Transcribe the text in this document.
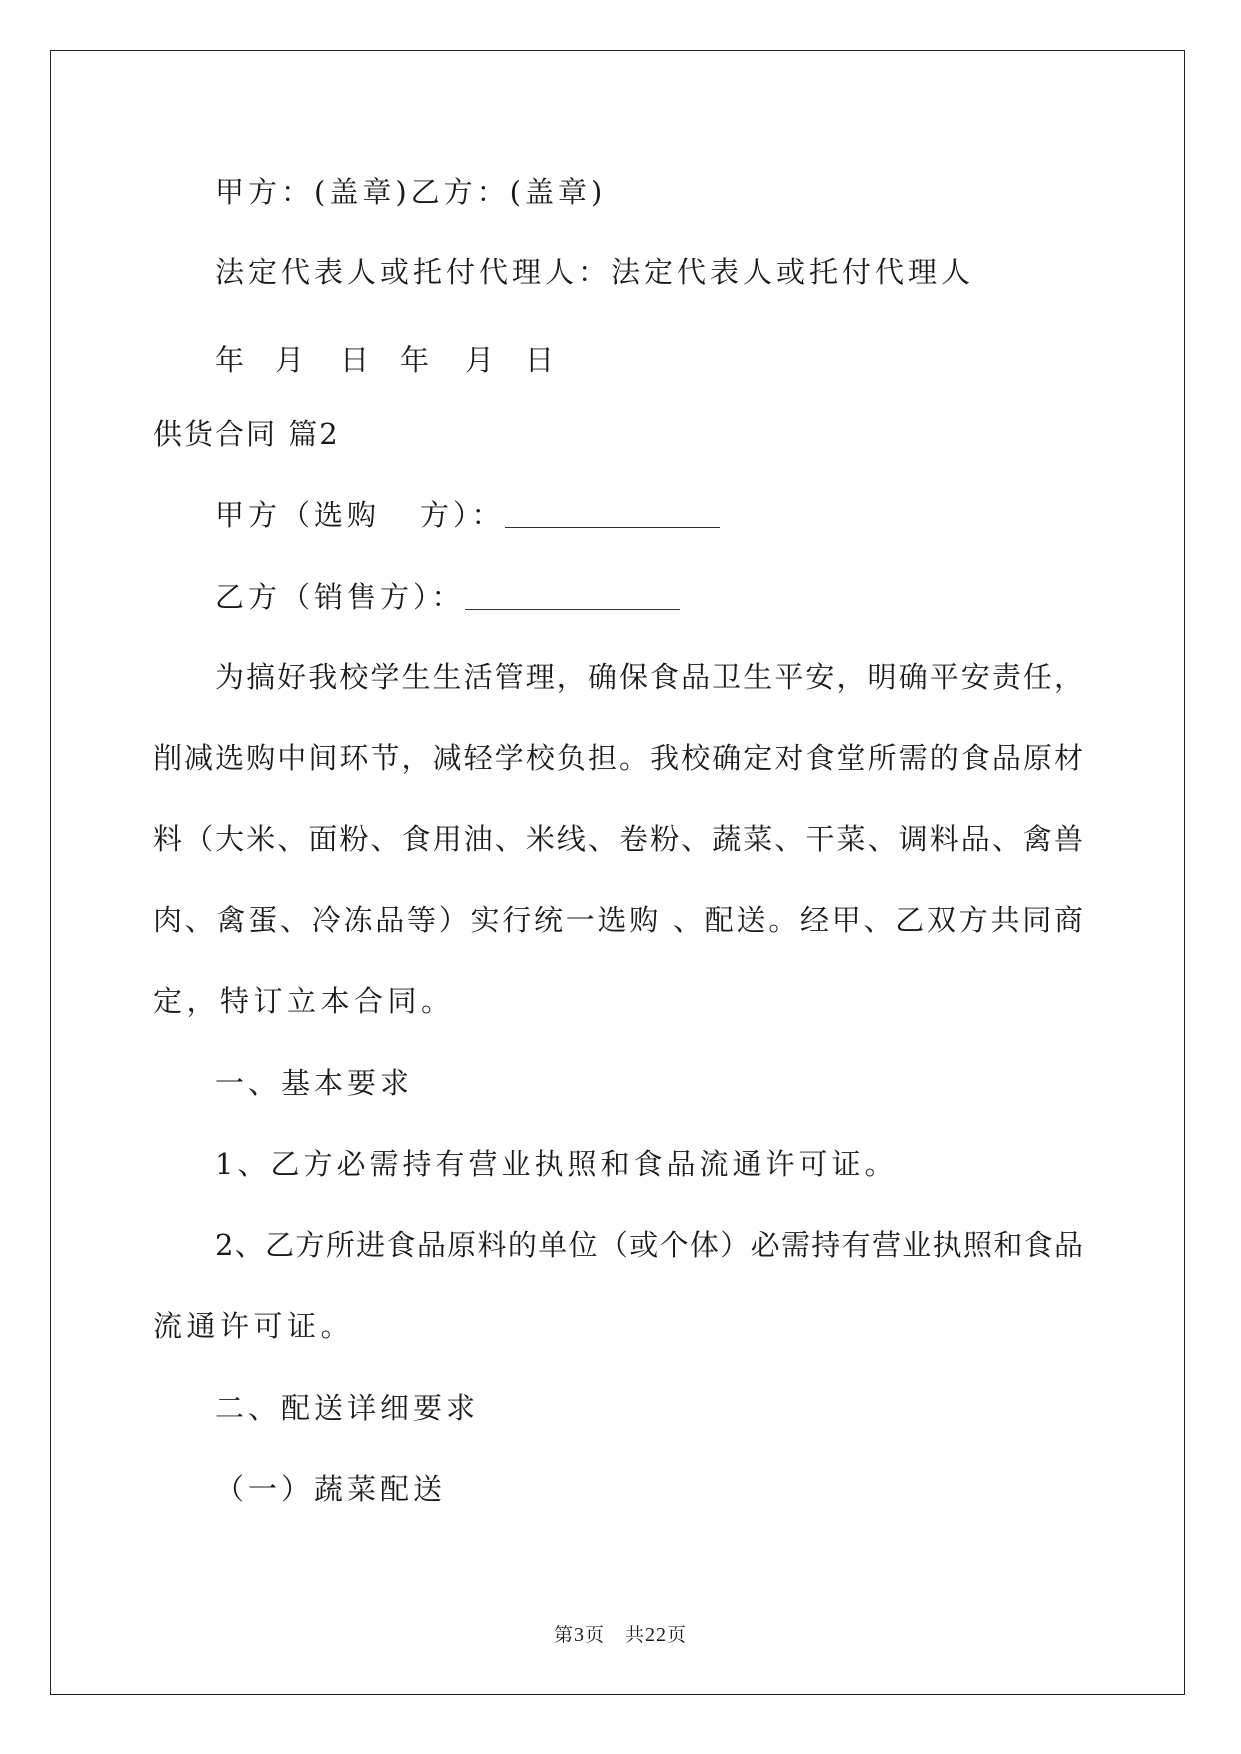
甲方：(盖章)乙方：(盖章)
法定代表人或托付代理人：法定代表人或托付代理人
年 月 日 年 月 日
供货合同 篇2
甲方（选购 方）：
乙方（销售方）：
为搞好我校学生生活管理，确保食品卫生平安，明确平安责任，
削减选购中间环节，减轻学校负担。我校确定对食堂所需的食品原材
料（大米、面粉、食用油、米线、卷粉、蔬菜、干菜、调料品、禽兽
肉、禽蛋、冷冻品等）实行统一选购 、配送。经甲、乙双方共同商
定，特订立本合同。
一、基本要求
1、乙方必需持有营业执照和食品流通许可证。
2、乙方所进食品原料的单位（或个体）必需持有营业执照和食品
流通许可证。
二、配送详细要求
（一）蔬菜配送
第3页　共22页
